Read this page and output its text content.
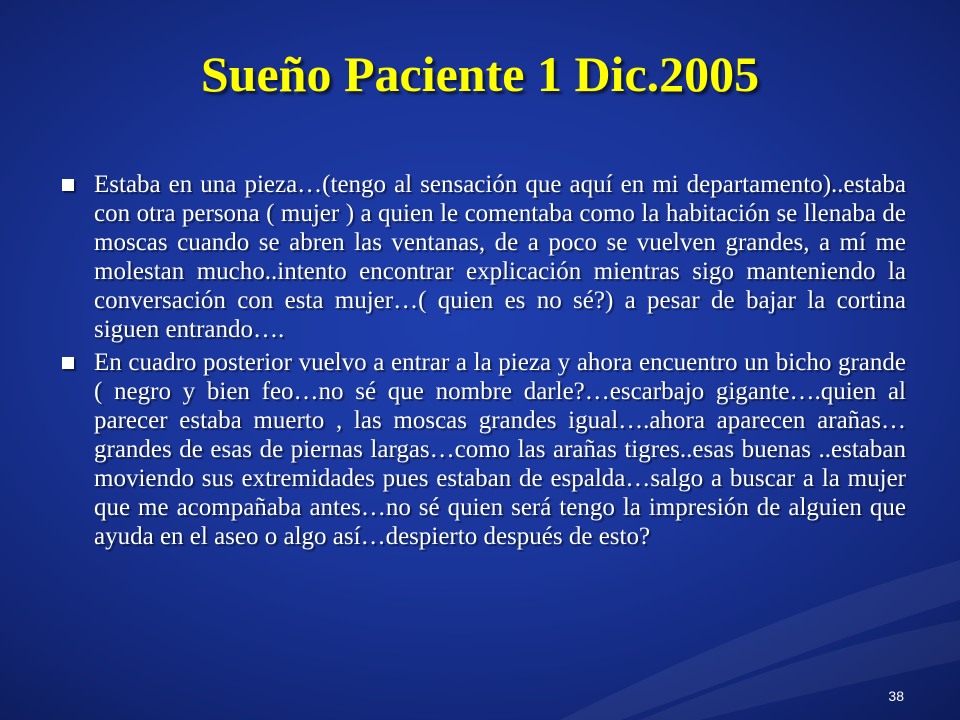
Sueño Paciente 1 Dic.2005
Estaba en una pieza…(tengo al sensación que aquí en mi departamento)..estaba con otra persona ( mujer ) a quien le comentaba como la habitación se llenaba de moscas cuando se abren las ventanas, de a poco se vuelven grandes, a mí me molestan mucho..intento encontrar explicación mientras sigo manteniendo la conversación con esta mujer…( quien es no sé?) a pesar de bajar la cortina siguen entrando….
En cuadro posterior vuelvo a entrar a la pieza y ahora encuentro un bicho grande ( negro y bien feo…no sé que nombre darle?…escarbajo gigante….quien al parecer estaba muerto , las moscas grandes igual….ahora aparecen arañas…grandes de esas de piernas largas…como las arañas tigres..esas buenas ..estaban moviendo sus extremidades pues estaban de espalda…salgo a buscar a la mujer que me acompañaba antes…no sé quien será tengo la impresión de alguien que ayuda en el aseo o algo así…despierto después de esto?
38
